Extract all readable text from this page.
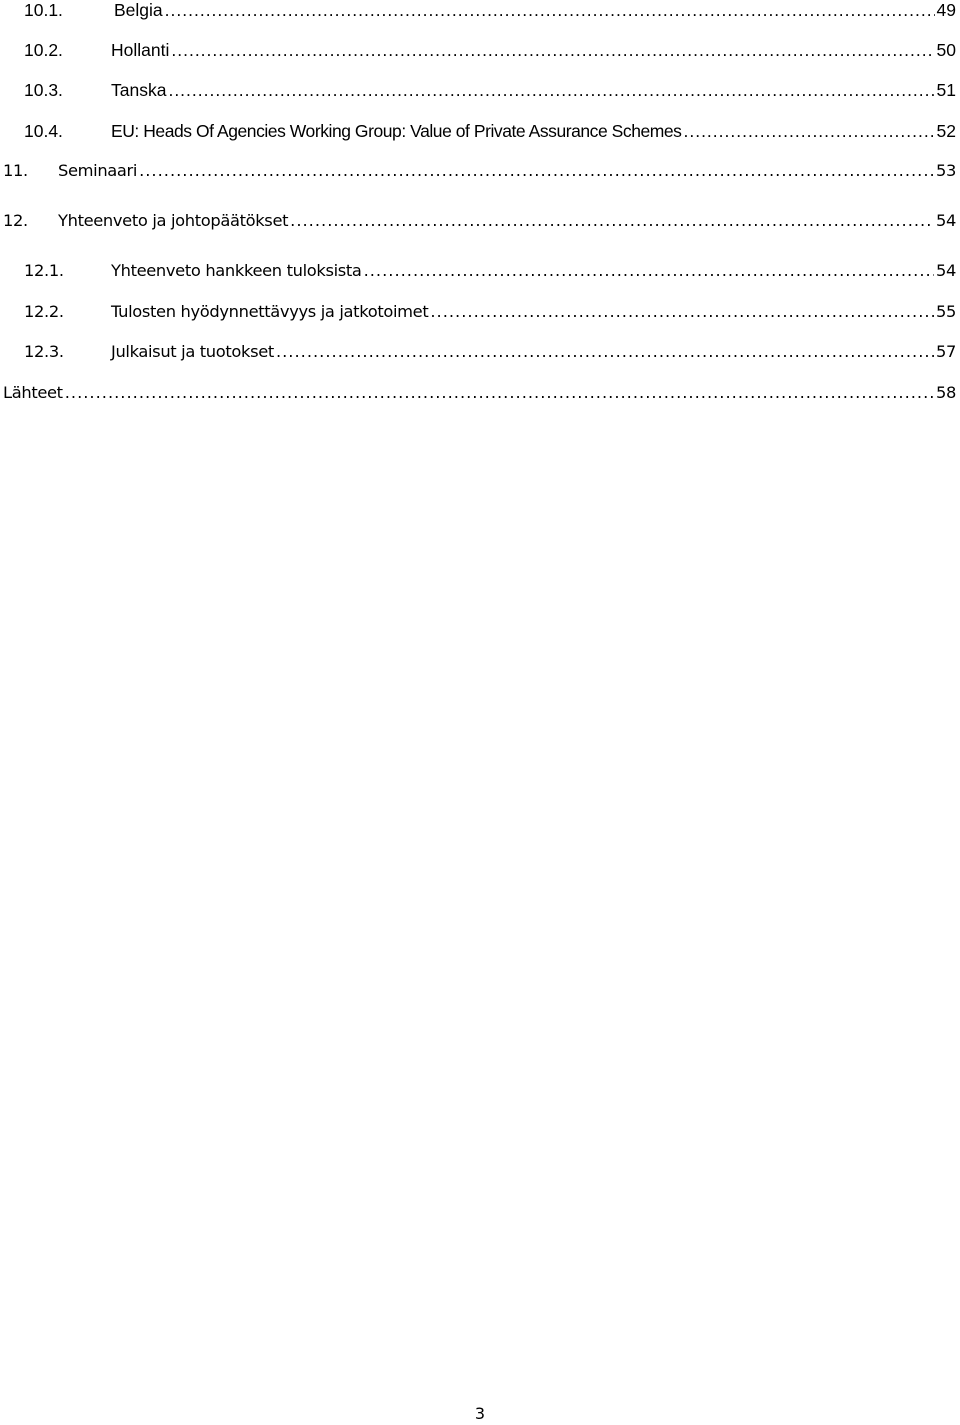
10.1.	Belgia .....	49
10.2.	Hollanti .....	50
10.3.	Tanska .....	51
10.4.	EU: Heads Of Agencies Working Group: Value of Private Assurance Schemes .....	52
11.	Seminaari .....	53
12.	Yhteenveto ja johtopäätökset .....	54
12.1.	Yhteenveto hankkeen tuloksista .....	54
12.2.	Tulosten hyödynnettävyys ja jatkotoimet .....	55
12.3.	Julkaisut ja tuotokset .....	57
Lähteet .....	58
3
